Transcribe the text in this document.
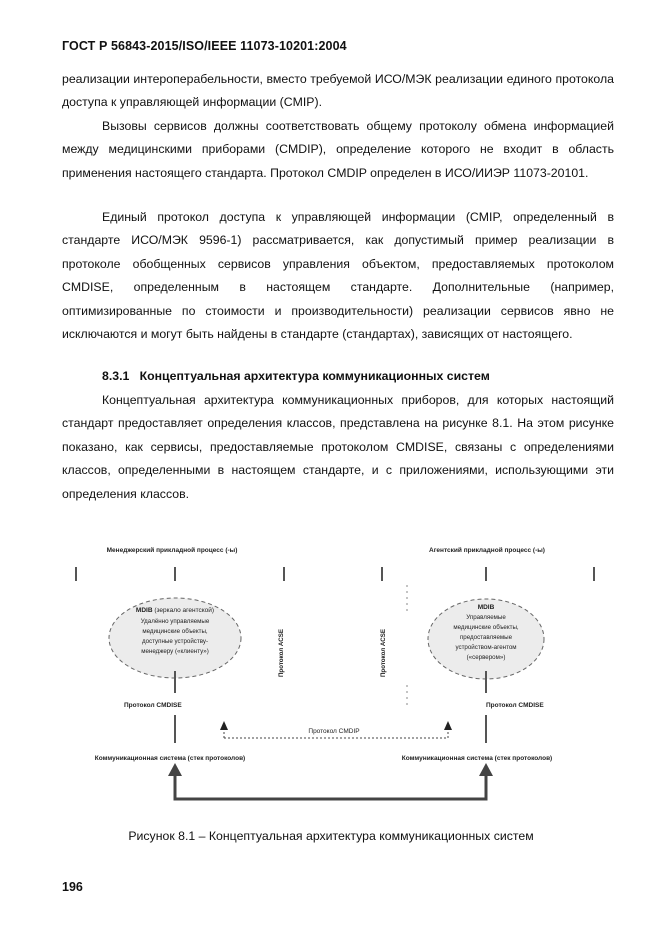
ГОСТ Р 56843-2015/ISO/IEEE 11073-10201:2004

реализации интероперабельности, вместо требуемой ИСО/МЭК реализации единого протокола доступа к управляющей информации (CMIP).

Вызовы сервисов должны соответствовать общему протоколу обмена информацией между медицинскими приборами (CMDIP), определение которого не входит в область применения настоящего стандарта. Протокол CMDIP определен в ИСО/ИИЭР 11073-20101.

Единый протокол доступа к управляющей информации (CMIP, определенный в стандарте ИСО/МЭК 9596-1) рассматривается, как допустимый пример реализации в протоколе обобщенных сервисов управления объектом, предоставляемых протоколом CMDISE, определенным в настоящем стандарте. Дополнительные (например, оптимизированные по стоимости и производительности) реализации сервисов явно не исключаются и могут быть найдены в стандарте (стандартах), зависящих от настоящего.

8.3.1 Концептуальная архитектура коммуникационных систем

Концептуальная архитектура коммуникационных приборов, для которых настоящий стандарт предоставляет определения классов, представлена на рисунке 8.1. На этом рисунке показано, как сервисы, предоставляемые протоколом CMDISE, связаны с определениями классов, определенными в настоящем стандарте, и с приложениями, использующими эти определения классов.

Менеджерский прикладной процесс (-ы)	Агентский прикладной процесс (-ы)
MDIB (зеркало агентской)
Удалённо управляемые
медицинские объекты,
доступные устройству-
менеджеру («клиенту»)
MDIB
Управляемые
медицинские объекты,
предоставляемые
устройством-агентом
(«сервером»)
Протокол ACSE	Протокол ACSE
Протокол CMDISE	Протокол CMDISE
Протокол CMDIP
Коммуникационная система (стек протоколов)	Коммуникационная система (стек протоколов)
Рисунок 8.1 – Концептуальная архитектура коммуникационных систем
196
